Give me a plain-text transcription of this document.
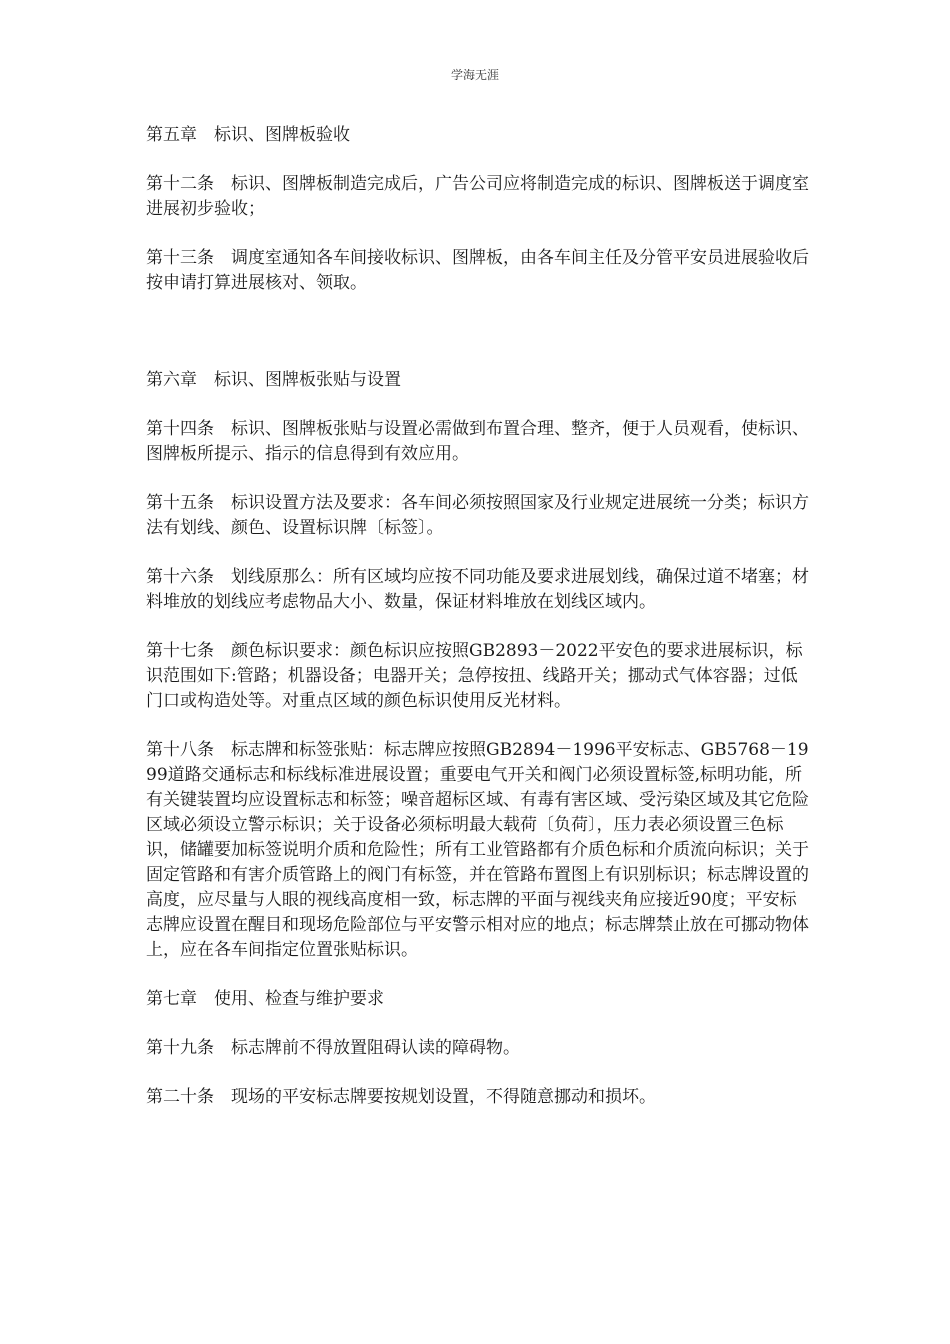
学海无涯

第五章　标识、图牌板验收

第十二条 标识、图牌板制造完成后，广告公司应将制造完成的标识、图牌板送于调度室进展初步验收；

第十三条 调度室通知各车间接收标识、图牌板，由各车间主任及分管平安员进展验收后按申请打算进展核对、领取。

第六章　标识、图牌板张贴与设置

第十四条 标识、图牌板张贴与设置必需做到布置合理、整齐，便于人员观看，使标识、图牌板所提示、指示的信息得到有效应用。

第十五条 标识设置方法及要求：各车间必须按照国家及行业规定进展统一分类；标识方法有划线、颜色、设置标识牌〔标签〕。

第十六条 划线原那么：所有区域均应按不同功能及要求进展划线，确保过道不堵塞；材料堆放的划线应考虑物品大小、数量，保证材料堆放在划线区域内。

第十七条 颜色标识要求：颜色标识应按照GB2893－2022平安色的要求进展标识，标识范围如下:管路；机器设备；电器开关；急停按扭、线路开关；挪动式气体容器；过低门口或构造处等。对重点区域的颜色标识使用反光材料。

第十八条 标志牌和标签张贴：标志牌应按照GB2894－1996平安标志、GB5768－1999道路交通标志和标线标准进展设置；重要电气开关和阀门必须设置标签,标明功能，所有关键装置均应设置标志和标签；噪音超标区域、有毒有害区域、受污染区域及其它危险区域必须设立警示标识；关于设备必须标明最大载荷〔负荷〕，压力表必须设置三色标识，储罐要加标签说明介质和危险性；所有工业管路都有介质色标和介质流向标识；关于固定管路和有害介质管路上的阀门有标签，并在管路布置图上有识别标识；标志牌设置的高度，应尽量与人眼的视线高度相一致，标志牌的平面与视线夹角应接近90度；平安标志牌应设置在醒目和现场危险部位与平安警示相对应的地点；标志牌禁止放在可挪动物体上，应在各车间指定位置张贴标识。

第七章　使用、检查与维护要求

第十九条 标志牌前不得放置阻碍认读的障碍物。

第二十条 现场的平安标志牌要按规划设置，不得随意挪动和损坏。
